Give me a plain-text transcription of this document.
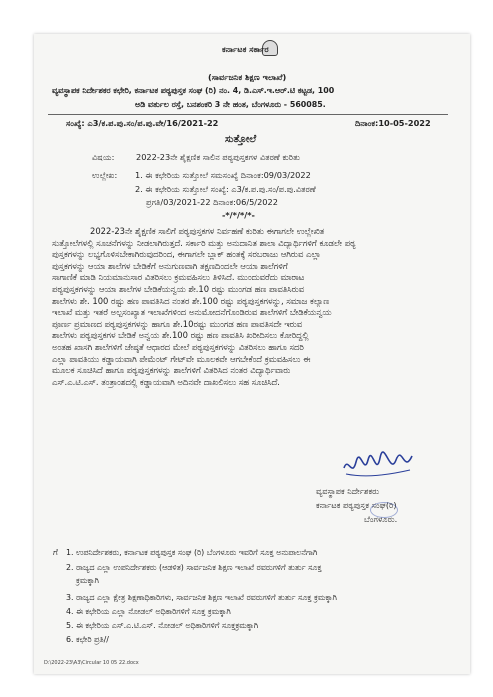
ಕರ್ನಾಟಕ ಸರ್ಕಾರ
(ಸಾರ್ವಜನಿಕ ಶಿಕ್ಷಣ ಇಲಾಖೆ)
ವ್ಯವಸ್ಥಾಪಕ ನಿರ್ದೇಶಕರ ಕಛೇರಿ, ಕರ್ನಾಟಕ ಪಠ್ಯಪುಸ್ತಕ ಸಂಘ (ರಿ) ನಂ. 4, ಡಿ.ಎಸ್.ಇ.ಆರ್.ಟಿ ಕಟ್ಟಡ, 100
ಅಡಿ ವರ್ತುಲ ರಸ್ತೆ, ಬನಶಂಕರಿ 3 ನೇ ಹಂತ, ಬೆಂಗಳೂರು - 560085.
ಸಂಖ್ಯೆ: ಎ3/ಕ.ಪ.ಪು.ಸಂ/ಪ.ಪು.ವೇ/16/2021-22	ದಿನಾಂಕ:10-05-2022
ಸುತ್ತೋಲೆ
ವಿಷಯ:	2022-23ನೇ ಶೈಕ್ಷಣಿಕ ಸಾಲಿನ ಪಠ್ಯಪುಸ್ತಕಗಳ ವಿತರಣೆ ಕುರಿತು
ಉಲ್ಲೇಖ: 1. ಈ ಕಛೇರಿಯ ಸುತ್ತೋಲೆ ಸಮಸಂಖ್ಯೆ ದಿನಾಂಕ:09/03/2022
2. ಈ ಕಛೇರಿಯ ಸುತ್ತೋಲೆ ಸಂಖ್ಯೆ: ಎ3/ಕ.ಪ.ಪು.ಸಂ/ಪ.ಪು.ವಿತರಣೆ
ಪ್ರಗತಿ/03/2021-22 ದಿನಾಂಕ:06/5/2022
-*/*/*/*-
2022-23ನೇ ಶೈಕ್ಷಣಿಕ ಸಾಲಿಗೆ ಪಠ್ಯಪುಸ್ತಕಗಳ ನಿರ್ವಹಣೆ ಕುರಿತು ಈಗಾಗಲೇ ಉಲ್ಲೇಖಿತ
ಸುತ್ತೋಲೆಗಳಲ್ಲಿ ಸೂಚನೆಗಳನ್ನು ನೀಡಲಾಗಿರುತ್ತದೆ. ಸರ್ಕಾರಿ ಮತ್ತು ಅನುದಾನಿತ ಶಾಲಾ ವಿದ್ಯಾರ್ಥಿಗಳಿಗೆ ಕೂಡಲೇ ಪಠ್ಯ
ಪುಸ್ತಕಗಳನ್ನು ಲಭ್ಯಗೊಳಿಸಬೇಕಾಗಿರುವುದರಿಂದ, ಈಗಾಗಲೇ ಬ್ಲಾಕ್ ಹಂತಕ್ಕೆ ಸರಬರಾಜು ಆಗಿರುವ ಎಲ್ಲಾ
ಪುಸ್ತಕಗಳನ್ನು ಆಯಾ ಶಾಲೆಗಳ ಬೇಡಿಕೆಗೆ ಅನುಗುಣವಾಗಿ ತಕ್ಷಣದಿಂದಲೇ ಆಯಾ ಶಾಲೆಗಳಿಗೆ
ಸಾಗಾಣಿಕೆ ಮಾಡಿ ನಿಯಮಾನುಸಾರ ವಿತರಿಸಲು ಕ್ರಮವಹಿಸಲು ತಿಳಿಸಿದೆ. ಮುಂದುವರೆದು ಮಾರಾಟ
ಪಠ್ಯಪುಸ್ತಕಗಳನ್ನು ಆಯಾ ಶಾಲೆಗಳ ಬೇಡಿಕೆಯನ್ವಯ ಶೇ.10 ರಷ್ಟು ಮುಂಗಡ ಹಣ ಪಾವತಿಸಿರುವ
ಶಾಲೆಗಳು ಶೇ. 100 ರಷ್ಟು ಹಣ ಪಾವತಿಸಿದ ನಂತರ ಶೇ.100 ರಷ್ಟು ಪಠ್ಯಪುಸ್ತಕಗಳನ್ನು, ಸಮಾಜ ಕಲ್ಯಾಣ
ಇಲಾಖೆ ಮತ್ತು ಇತರೆ ಅಲ್ಪಸಂಖ್ಯಾತ ಇಲಾಖೆಗಳಿಂದ ಅನುಮೋದನೆಗೊಂಡಿರುವ ಶಾಲೆಗಳಿಗೆ ಬೇಡಿಕೆಯನ್ವಯ
ಪೂರ್ಣ ಪ್ರಮಾಣದ ಪಠ್ಯಪುಸ್ತಕಗಳನ್ನು ಹಾಗೂ ಶೇ.10ರಷ್ಟು ಮುಂಗಡ ಹಣ ಪಾವತಿಸದೇ ಇರುವ
ಶಾಲೆಗಳು ಪಠ್ಯಪುಸ್ತಕಗಳ ಬೇಡಿಕೆ ಅನ್ವಯ ಶೇ.100 ರಷ್ಟು ಹಣ ಪಾವತಿಸಿ ಖರೀದಿಸಲು ಕೋರಿದ್ದಲ್ಲಿ
ಅಂತಹ ಖಾಸಗಿ ಶಾಲೆಗಳಿಗೆ ಜೇಷ್ಠತೆ ಆಧಾರದ ಮೇಲೆ ಪಠ್ಯಪುಸ್ತಕಗಳನ್ನು ವಿತರಿಸಲು ಹಾಗೂ ಸದರಿ
ಎಲ್ಲಾ ಪಾವತಿಯು ಕಡ್ಡಾಯವಾಗಿ ಪೇಮೆಂಟ್ ಗೇಟ್‌ವೇ ಮೂಲಕವೇ ಆಗಬೇಕೆಂದೆ ಕ್ರಮವಹಿಸಲು ಈ
ಮೂಲಕ ಸೂಚಿಸಿದೆ ಹಾಗೂ ಪಠ್ಯಪುಸ್ತಕಗಳನ್ನು ಶಾಲೆಗಳಿಗೆ ವಿತರಿಸಿದ ನಂತರ ವಿದ್ಯಾರ್ಥಿವಾರು
ಎಸ್.ಎ.ಟಿ.ಎಸ್. ತಂತ್ರಾಂಶದಲ್ಲಿ ಕಡ್ಡಾಯವಾಗಿ ಅದಿನವೇ ದಾಖಲಿಸಲು ಸಹ ಸೂಚಿಸಿದೆ.
ವ್ಯವಸ್ಥಾಪಕ ನಿರ್ದೇಶಕರು
ಕರ್ನಾಟಕ ಪಠ್ಯಪುಸ್ತಕ ಸಂಘ(ರಿ)
ಬೆಂಗಳೂರು.
ಗೆ 1. ಉಪನಿರ್ದೇಶಕರು, ಕರ್ನಾಟಕ ಪಠ್ಯಪುಸ್ತಕ ಸಂಘ (ರಿ) ಬೆಂಗಳೂರು ಇವರಿಗೆ ಸೂಕ್ತ ಅನುಪಾಲನೆಗಾಗಿ
2. ರಾಜ್ಯದ ಎಲ್ಲಾ ಉಪನಿರ್ದೇಶಕರು (ಆಡಳಿತ) ಸಾರ್ವಜನಿಕ ಶಿಕ್ಷಣ ಇಲಾಖೆ ರವರುಗಳಿಗೆ ತುರ್ತು ಸೂಕ್ತ
ಕ್ರಮಕ್ಕಾಗಿ
3. ರಾಜ್ಯದ ಎಲ್ಲಾ ಕ್ಷೇತ್ರ ಶಿಕ್ಷಣಾಧಿಕಾರಿಗಳು, ಸಾರ್ವಜನಿಕ ಶಿಕ್ಷಣ ಇಲಾಖೆ ರವರುಗಳಿಗೆ ತುರ್ತು ಸೂಕ್ತ ಕ್ರಮಕ್ಕಾಗಿ
4. ಈ ಕಛೇರಿಯ ಎಲ್ಲಾ ನೋಡಲ್ ಅಧಿಕಾರಿಗಳಿಗೆ ಸೂಕ್ತ ಕ್ರಮಕ್ಕಾಗಿ
5. ಈ ಕಛೇರಿಯ ಎಸ್.ಎ.ಟಿ.ಎಸ್. ನೋಡಲ್ ಅಧಿಕಾರಿಗಳಿಗೆ ಸೂಕ್ತಕ್ರಮಕ್ಕಾಗಿ
6. ಕಛೇರಿ ಪ್ರತಿ//
D:\2022-23\A3\Circular 10 05 22.docx
